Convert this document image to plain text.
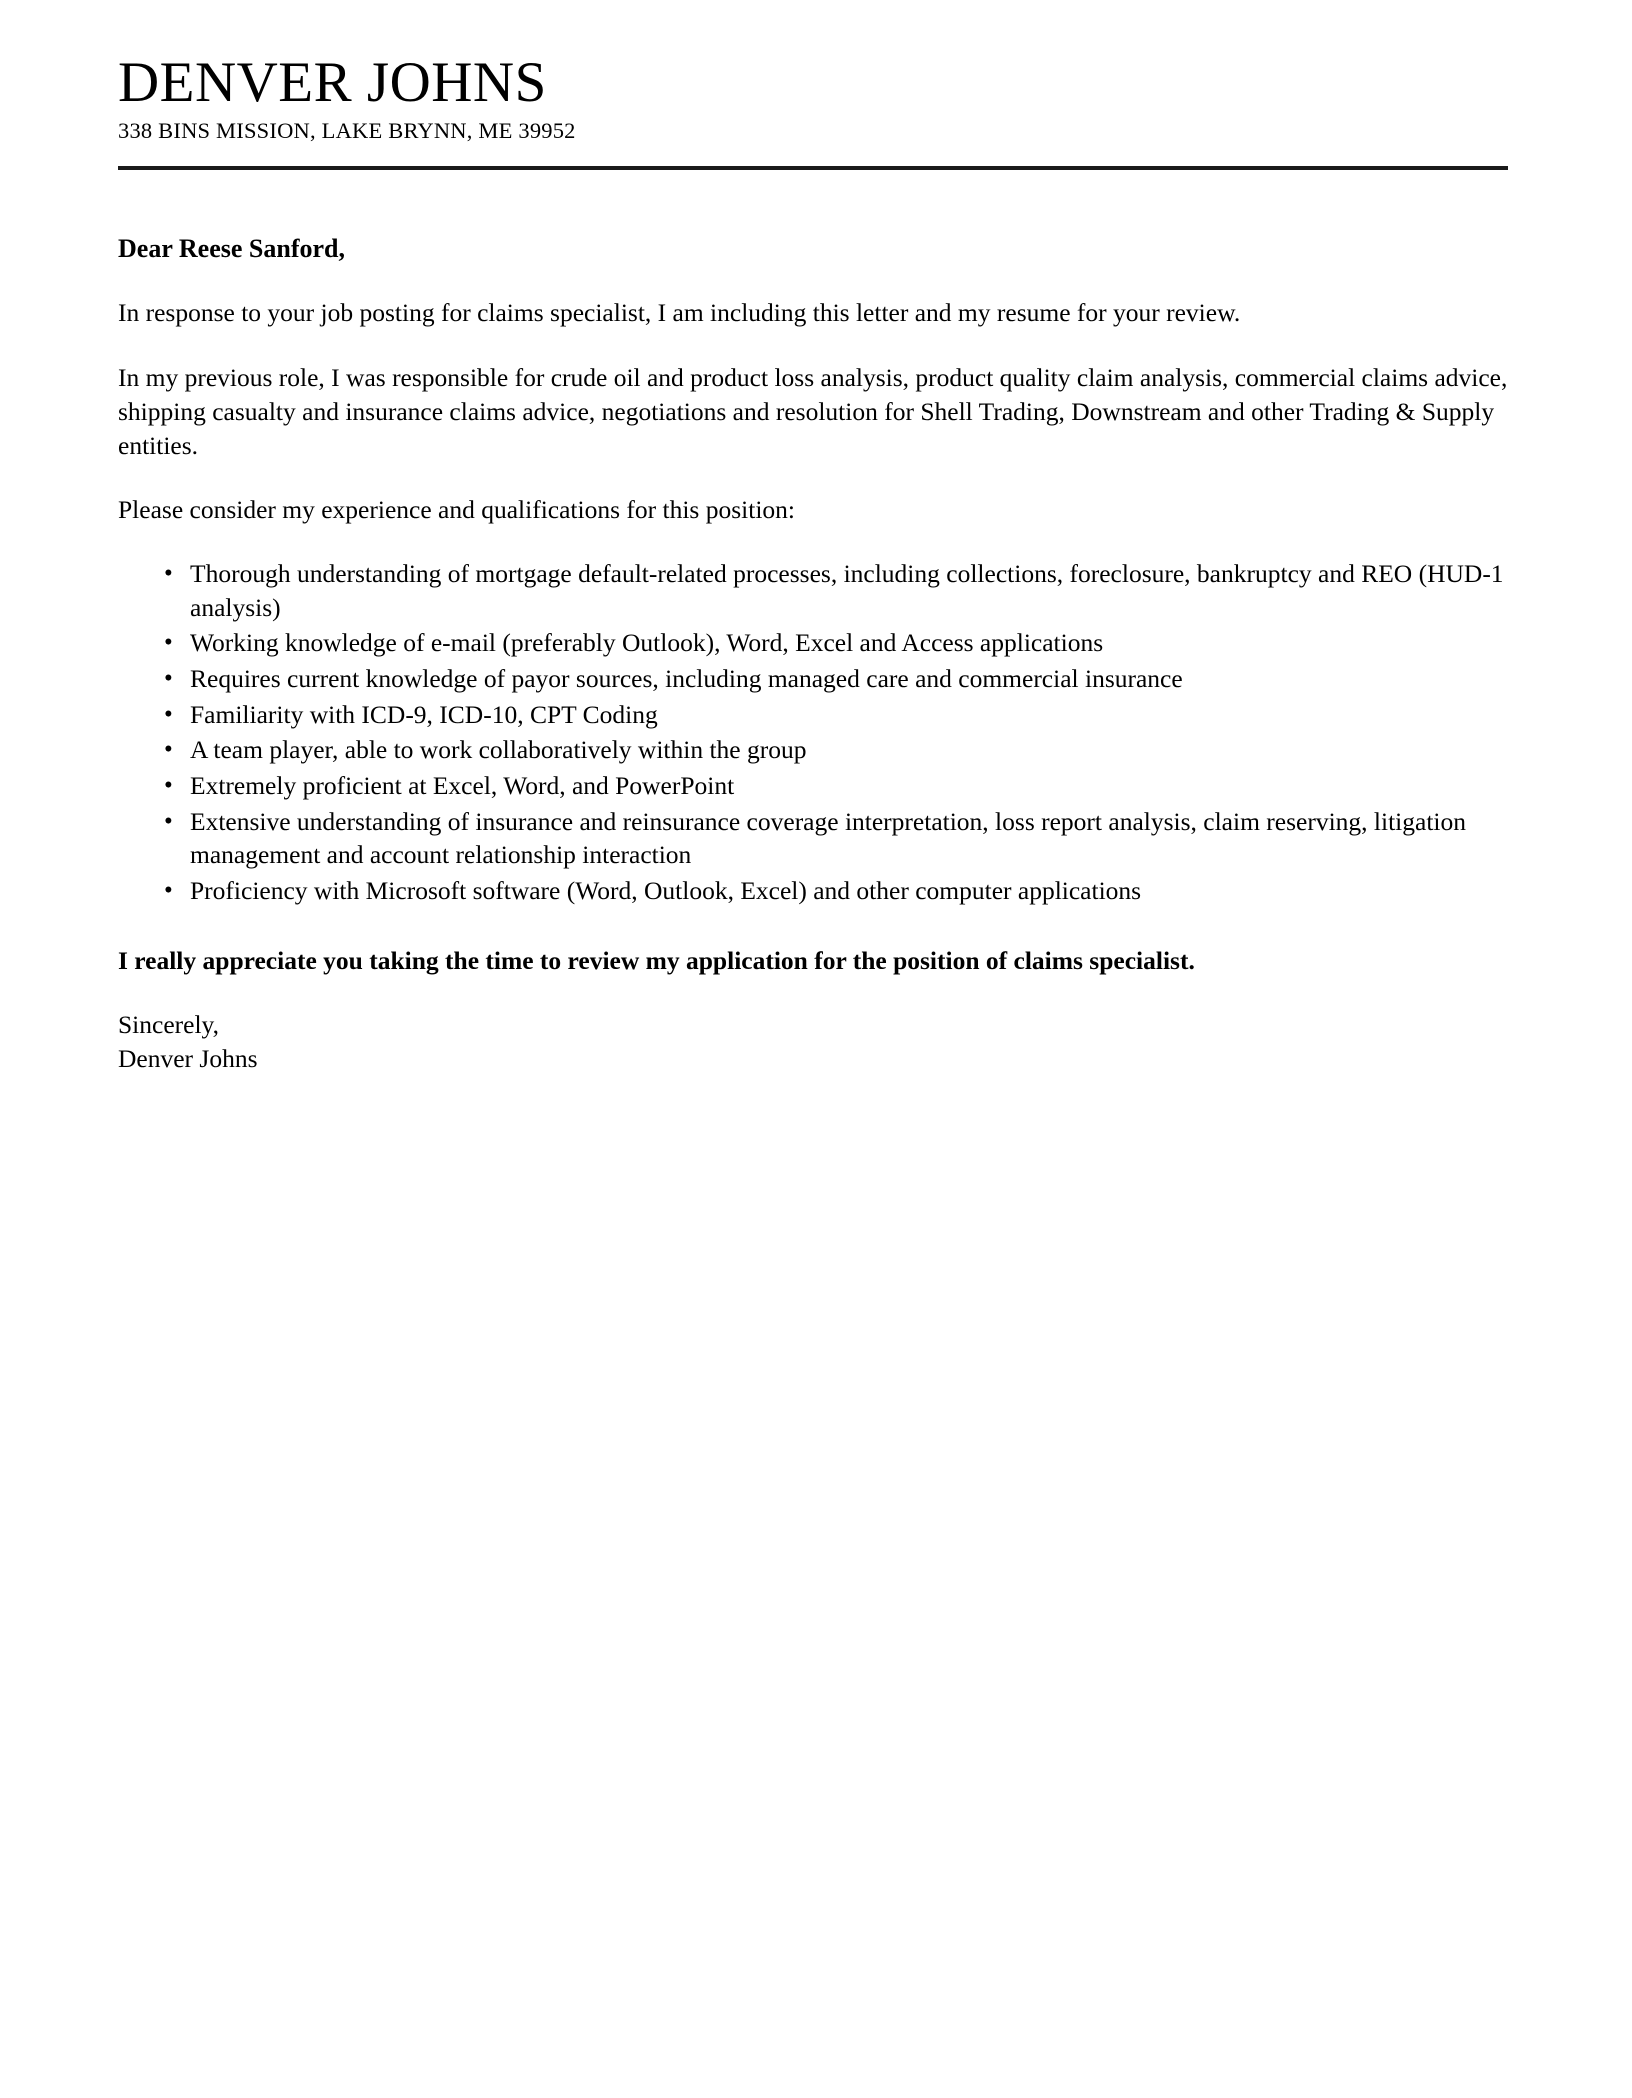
DENVER JOHNS
338 BINS MISSION, LAKE BRYNN, ME 39952

Dear Reese Sanford,

In response to your job posting for claims specialist, I am including this letter and my resume for your review.

In my previous role, I was responsible for crude oil and product loss analysis, product quality claim analysis, commercial claims advice, shipping casualty and insurance claims advice, negotiations and resolution for Shell Trading, Downstream and other Trading & Supply entities.

Please consider my experience and qualifications for this position:

• Thorough understanding of mortgage default-related processes, including collections, foreclosure, bankruptcy and REO (HUD-1 analysis)
• Working knowledge of e-mail (preferably Outlook), Word, Excel and Access applications
• Requires current knowledge of payor sources, including managed care and commercial insurance
• Familiarity with ICD-9, ICD-10, CPT Coding
• A team player, able to work collaboratively within the group
• Extremely proficient at Excel, Word, and PowerPoint
• Extensive understanding of insurance and reinsurance coverage interpretation, loss report analysis, claim reserving, litigation management and account relationship interaction
• Proficiency with Microsoft software (Word, Outlook, Excel) and other computer applications

I really appreciate you taking the time to review my application for the position of claims specialist.

Sincerely,
Denver Johns
